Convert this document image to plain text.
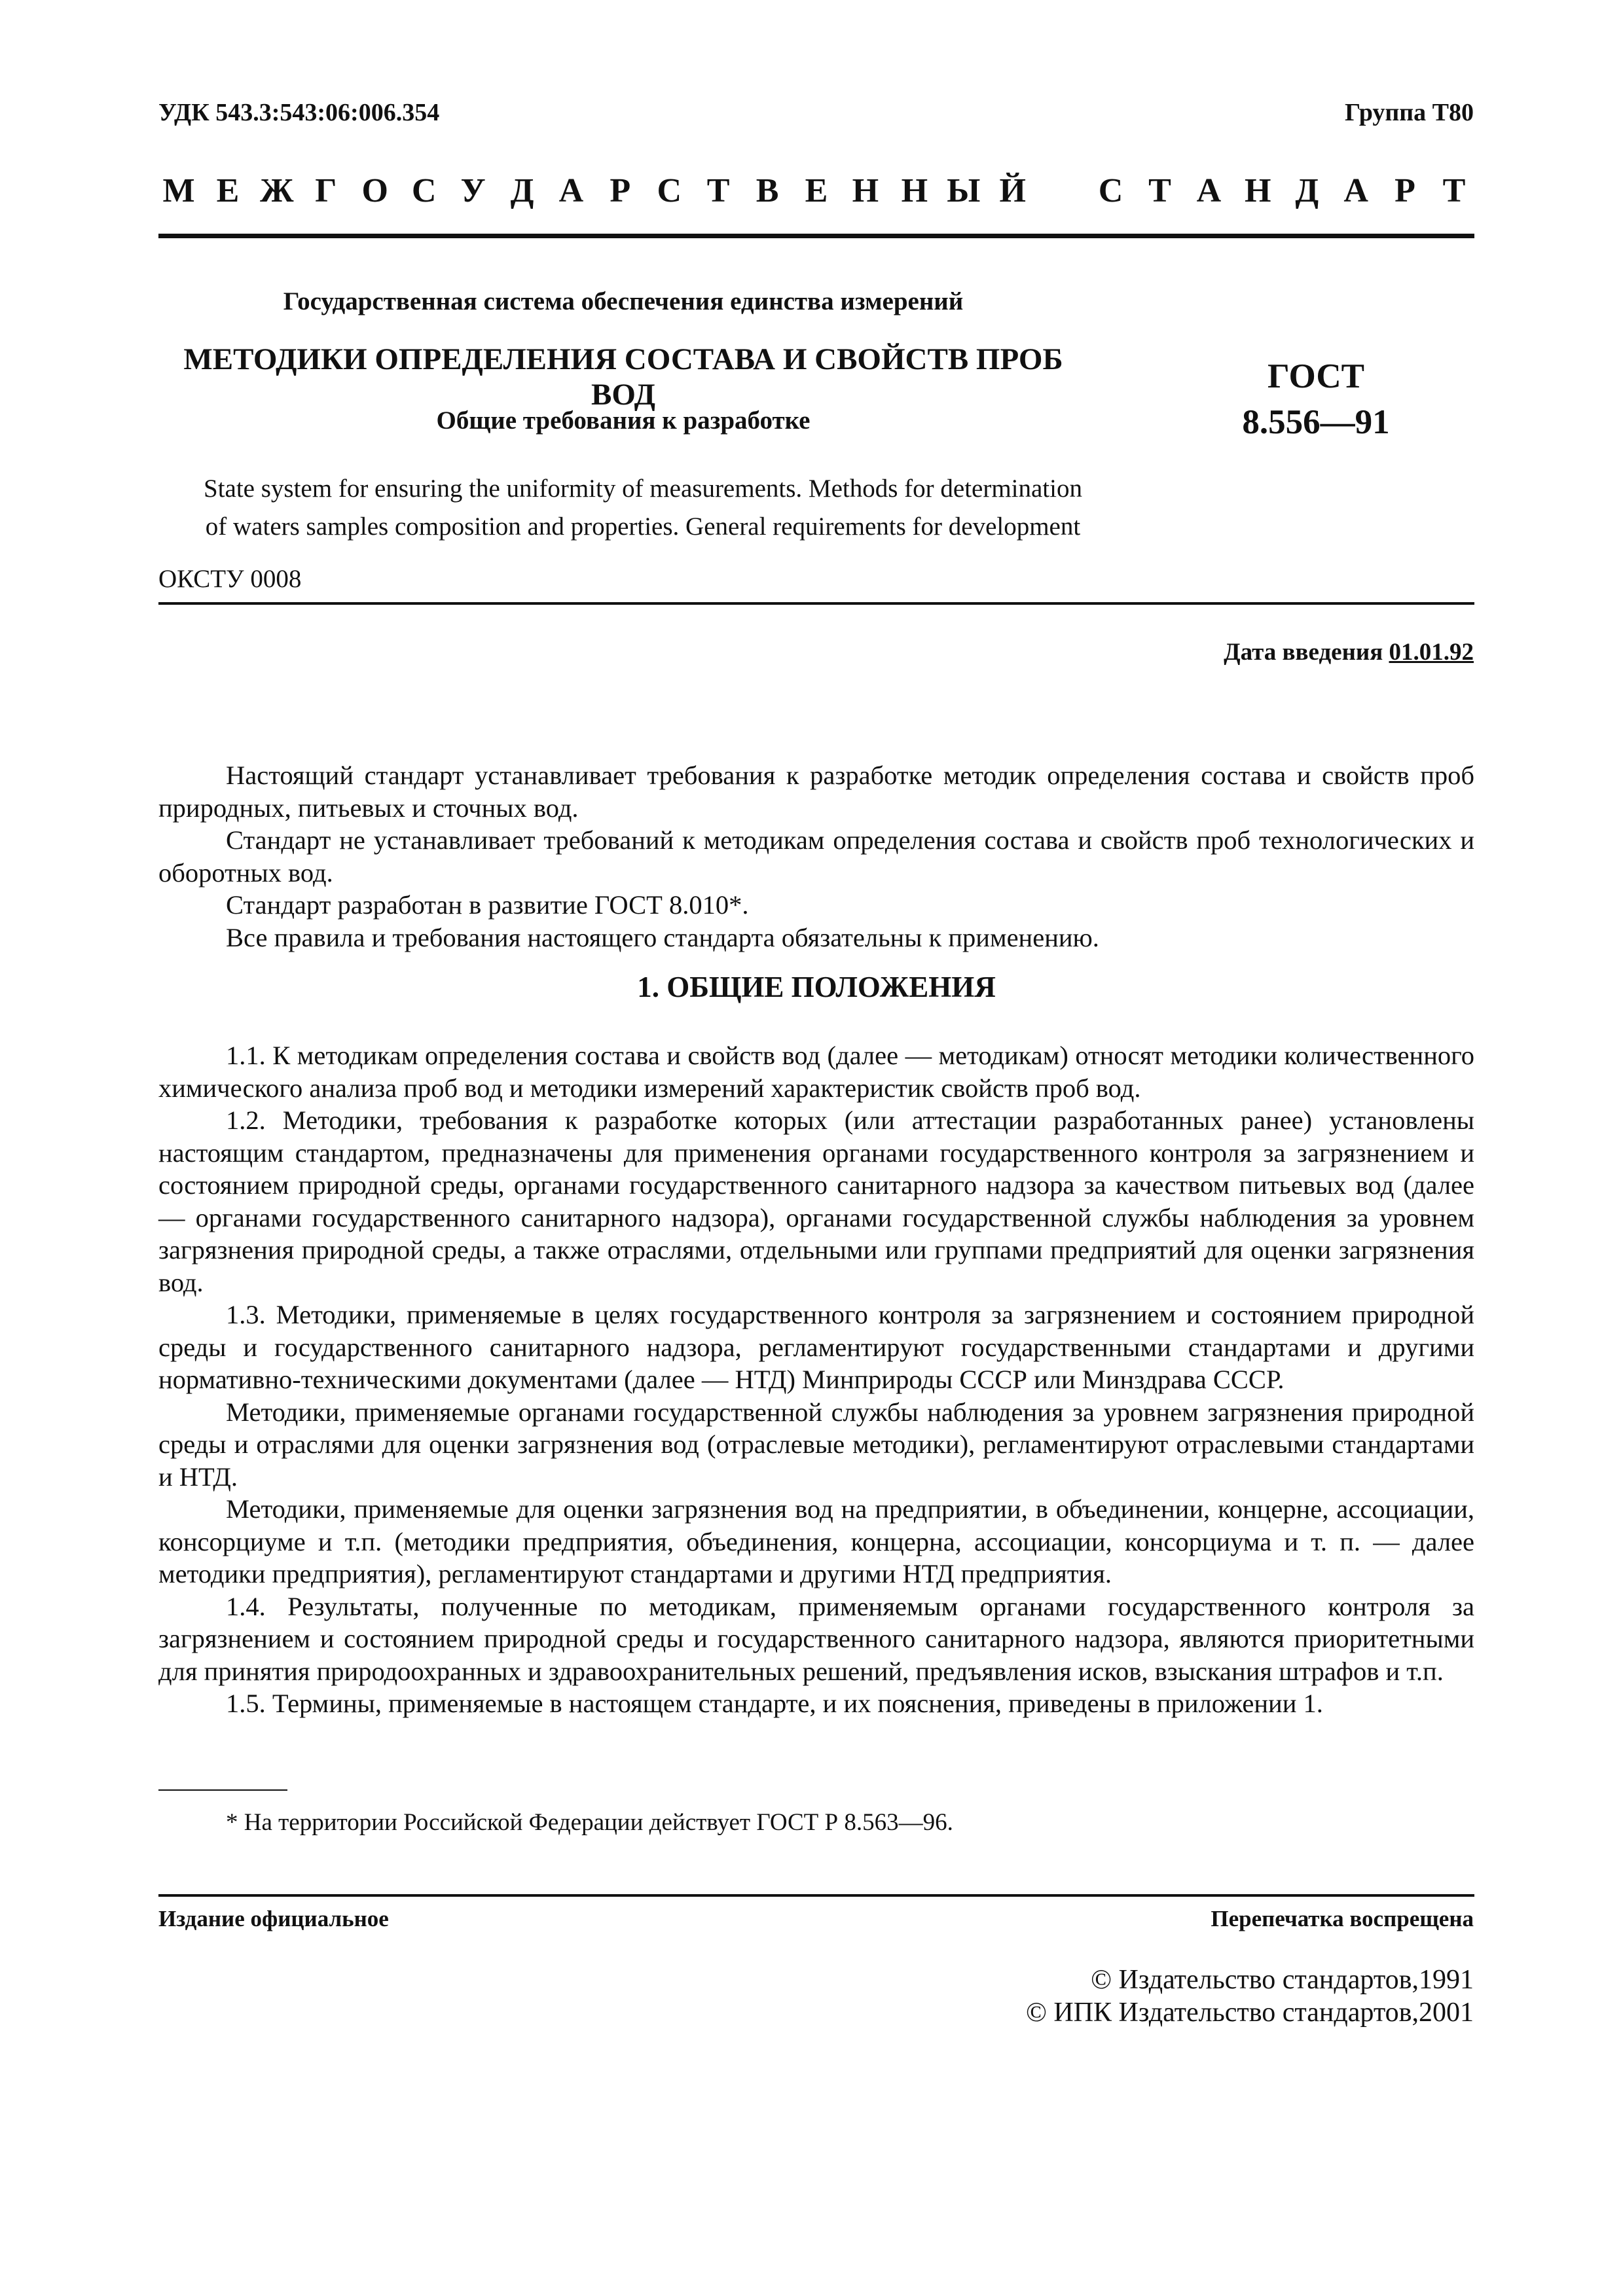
УДК 543.3:543:06:006.354	Группа Т80
М Е Ж Г О С У Д А Р С Т В Е Н Н Ы Й С Т А Н Д А Р Т
Государственная система обеспечения единства измерений
МЕТОДИКИ ОПРЕДЕЛЕНИЯ СОСТАВА И СВОЙСТВ ПРОБ ВОД
Общие требования к разработке
ГОСТ
8.556—91
State system for ensuring the uniformity of measurements. Methods for determination
of waters samples composition and properties. General requirements for development
ОКСТУ 0008
Дата введения 01.01.92

Настоящий стандарт устанавливает требования к разработке методик определения состава и свойств проб природных, питьевых и сточных вод.

Стандарт не устанавливает требований к методикам определения состава и свойств проб технологических и оборотных вод.

Стандарт разработан в развитие ГОСТ 8.010*.

Все правила и требования настоящего стандарта обязательны к применению.

1. ОБЩИЕ ПОЛОЖЕНИЯ

1.1. К методикам определения состава и свойств вод (далее — методикам) относят методики количественного химического анализа проб вод и методики измерений характеристик свойств проб вод.

1.2. Методики, требования к разработке которых (или аттестации разработанных ранее) установлены настоящим стандартом, предназначены для применения органами государственного контроля за загрязнением и состоянием природной среды, органами государственного санитарного надзора за качеством питьевых вод (далее — органами государственного санитарного надзора), органами государственной службы наблюдения за уровнем загрязнения природной среды, а также отраслями, отдельными или группами предприятий для оценки загрязнения вод.

1.3. Методики, применяемые в целях государственного контроля за загрязнением и состоянием природной среды и государственного санитарного надзора, регламентируют государственными стандартами и другими нормативно-техническими документами (далее — НТД) Минприроды СССР или Минздрава СССР.

Методики, применяемые органами государственной службы наблюдения за уровнем загрязнения природной среды и отраслями для оценки загрязнения вод (отраслевые методики), регламентируют отраслевыми стандартами и НТД.

Методики, применяемые для оценки загрязнения вод на предприятии, в объединении, концерне, ассоциации, консорциуме и т.п. (методики предприятия, объединения, концерна, ассоциации, консорциума и т. п. — далее методики предприятия), регламентируют стандартами и другими НТД предприятия.

1.4. Результаты, полученные по методикам, применяемым органами государственного контроля за загрязнением и состоянием природной среды и государственного санитарного надзора, являются приоритетными для принятия природоохранных и здравоохранительных решений, предъявления исков, взыскания штрафов и т.п.

1.5. Термины, применяемые в настоящем стандарте, и их пояснения, приведены в приложении 1.

* На территории Российской Федерации действует ГОСТ Р 8.563—96.
Издание официальное	Перепечатка воспрещена
© Издательство стандартов,1991
© ИПК Издательство стандартов,2001
